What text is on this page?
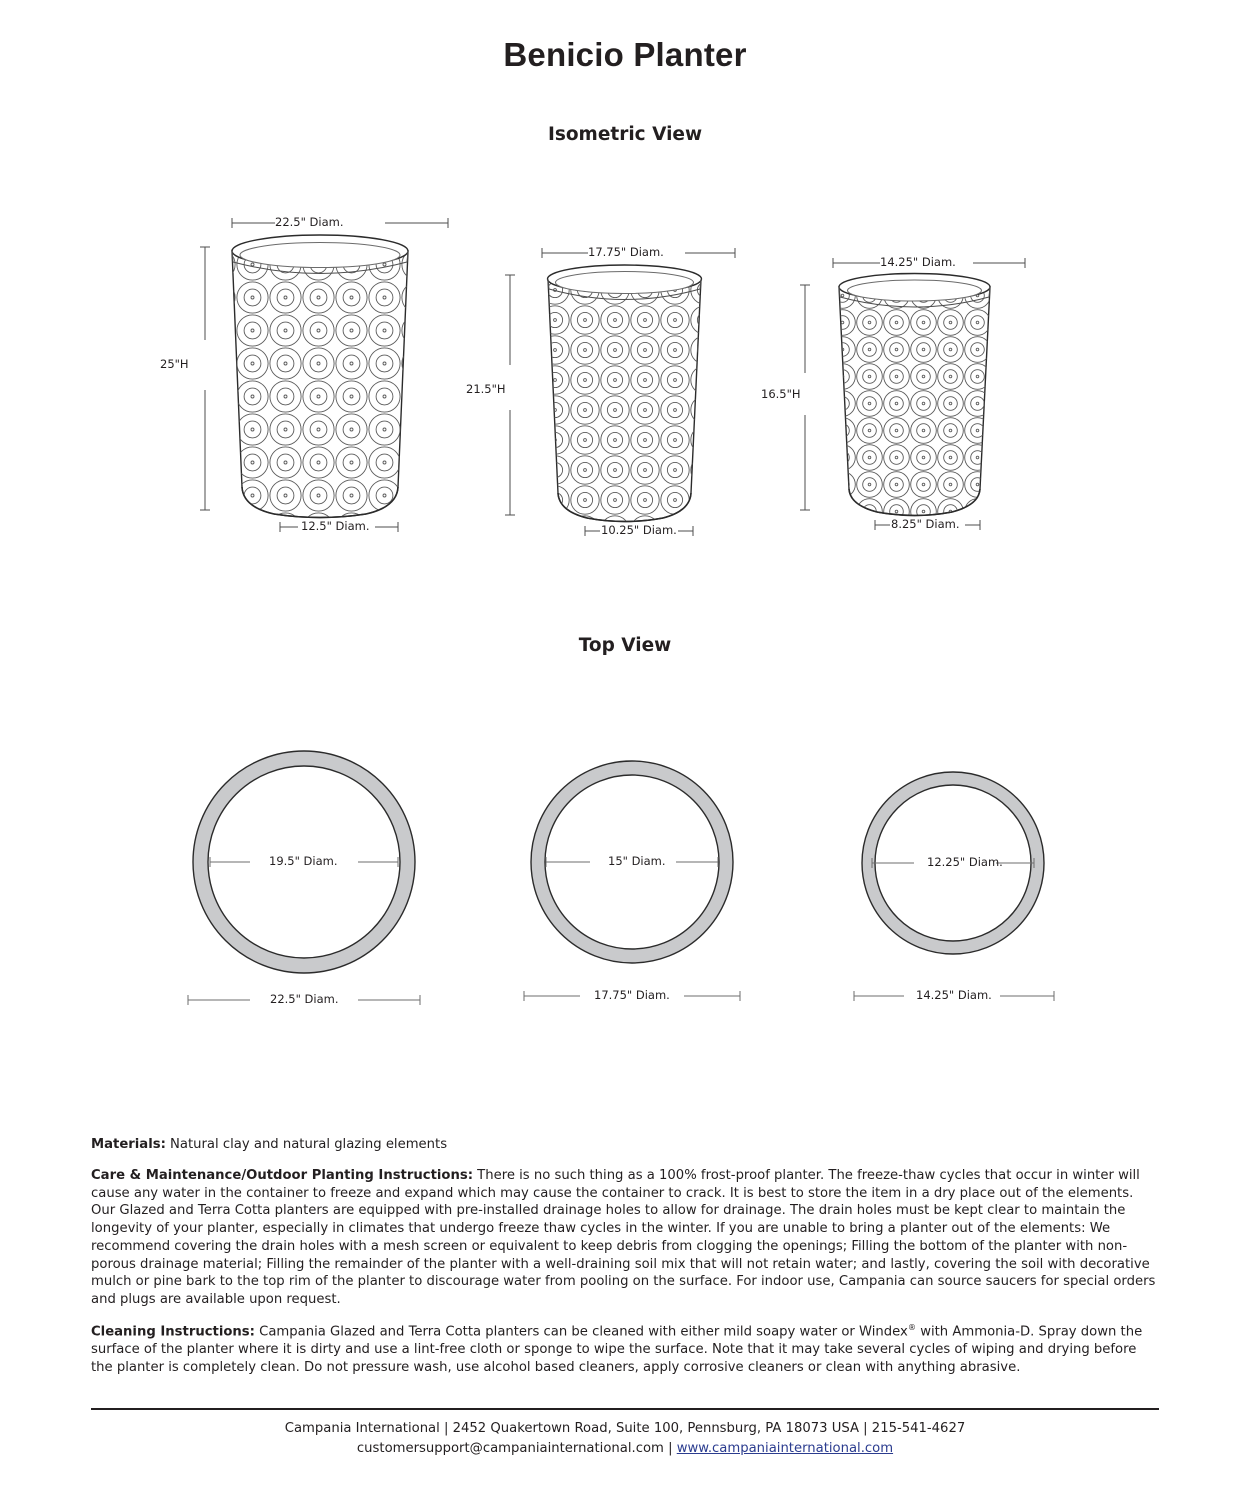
Benicio Planter
Isometric View
22.5" Diam.
25"H
12.5" Diam.
17.75" Diam.
21.5"H
10.25" Diam.
14.25" Diam.
16.5"H
8.25" Diam.
Top View
19.5" Diam.
22.5" Diam.
15" Diam.
17.75" Diam.
12.25" Diam.
14.25" Diam.

Materials: Natural clay and natural glazing elements

Care & Maintenance/Outdoor Planting Instructions: There is no such thing as a 100% frost-proof planter. The freeze-thaw cycles that occur in winter will cause any water in the container to freeze and expand which may cause the container to crack. It is best to store the item in a dry place out of the elements. Our Glazed and Terra Cotta planters are equipped with pre-installed drainage holes to allow for drainage. The drain holes must be kept clear to maintain the longevity of your planter, especially in climates that undergo freeze thaw cycles in the winter. If you are unable to bring a planter out of the elements: We recommend covering the drain holes with a mesh screen or equivalent to keep debris from clogging the openings; Filling the bottom of the planter with non-porous drainage material; Filling the remainder of the planter with a well-draining soil mix that will not retain water; and lastly, covering the soil with decorative mulch or pine bark to the top rim of the planter to discourage water from pooling on the surface. For indoor use, Campania can source saucers for special orders and plugs are available upon request.

Cleaning Instructions: Campania Glazed and Terra Cotta planters can be cleaned with either mild soapy water or Windex® with Ammonia-D. Spray down the surface of the planter where it is dirty and use a lint-free cloth or sponge to wipe the surface. Note that it may take several cycles of wiping and drying before the planter is completely clean. Do not pressure wash, use alcohol based cleaners, apply corrosive cleaners or clean with anything abrasive.

Campania International | 2452 Quakertown Road, Suite 100, Pennsburg, PA 18073 USA | 215-541-4627
customersupport@campaniainternational.com | www.campaniainternational.com
